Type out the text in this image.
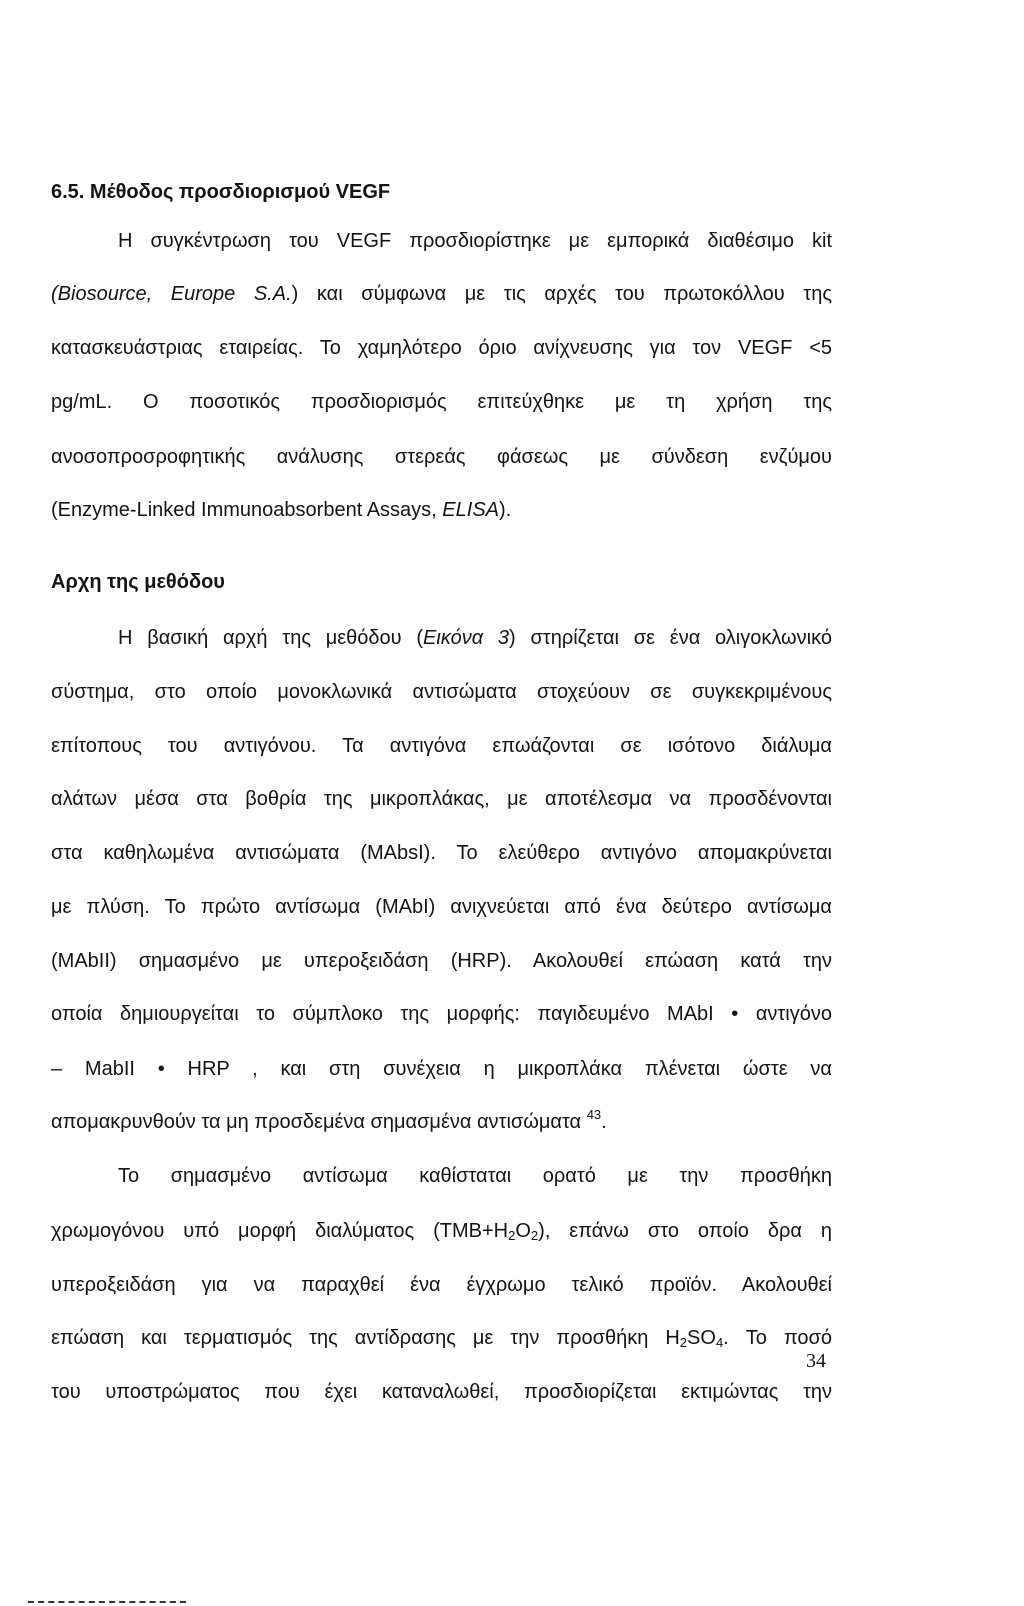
6.5. Μέθοδος προσδιορισμού VEGF
Η συγκέντρωση του VEGF προσδιορίστηκε με εμπορικά διαθέσιμο kit
(Biosource, Europe S.A.) και σύμφωνα με τις αρχές του πρωτοκόλλου της
κατασκευάστριας εταιρείας. Το χαμηλότερο όριο ανίχνευσης για τον VEGF <5
pg/mL. Ο ποσοτικός προσδιορισμός επιτεύχθηκε με τη χρήση της
ανοσοπροσροφητικής ανάλυσης στερεάς φάσεως με σύνδεση ενζύμου
(Enzyme-Linked Immunoabsorbent Assays, ELISA).
Αρχη της μεθόδου
Η βασική αρχή της μεθόδου (Εικόνα 3) στηρίζεται σε ένα ολιγοκλωνικό
σύστημα, στο οποίο μονοκλωνικά αντισώματα στοχεύουν σε συγκεκριμένους
επίτοπους του αντιγόνου. Τα αντιγόνα επωάζονται σε ισότονο διάλυμα
αλάτων μέσα στα βοθρία της μικροπλάκας, με αποτέλεσμα να προσδένονται
στα καθηλωμένα αντισώματα (MAbsI). Το ελεύθερο αντιγόνο απομακρύνεται
με πλύση. Το πρώτο αντίσωμα (MAbI) ανιχνεύεται από ένα δεύτερο αντίσωμα
(MAbII) σημασμένο με υπεροξειδάση (HRP). Ακολουθεί επώαση κατά την
οποία δημιουργείται το σύμπλοκο της μορφής: παγιδευμένο MAbI • αντιγόνο
– MabII • HRP , και στη συνέχεια η μικροπλάκα πλένεται ώστε να
απομακρυνθούν τα μη προσδεμένα σημασμένα αντισώματα $^{43}$.
Το σημασμένο αντίσωμα καθίσταται ορατό με την προσθήκη
χρωμογόνου υπό μορφή διαλύματος $(TMB+H_2O_2)$, επάνω στο οποίο δρα η
υπεροξειδάση για να παραχθεί ένα έγχρωμο τελικό προϊόν. Ακολουθεί
επώαση και τερματισμός της αντίδρασης με την προσθήκη $H_2SO_4$. Το ποσό
του υποστρώματος που έχει καταναλωθεί, προσδιορίζεται εκτιμώντας την
34
